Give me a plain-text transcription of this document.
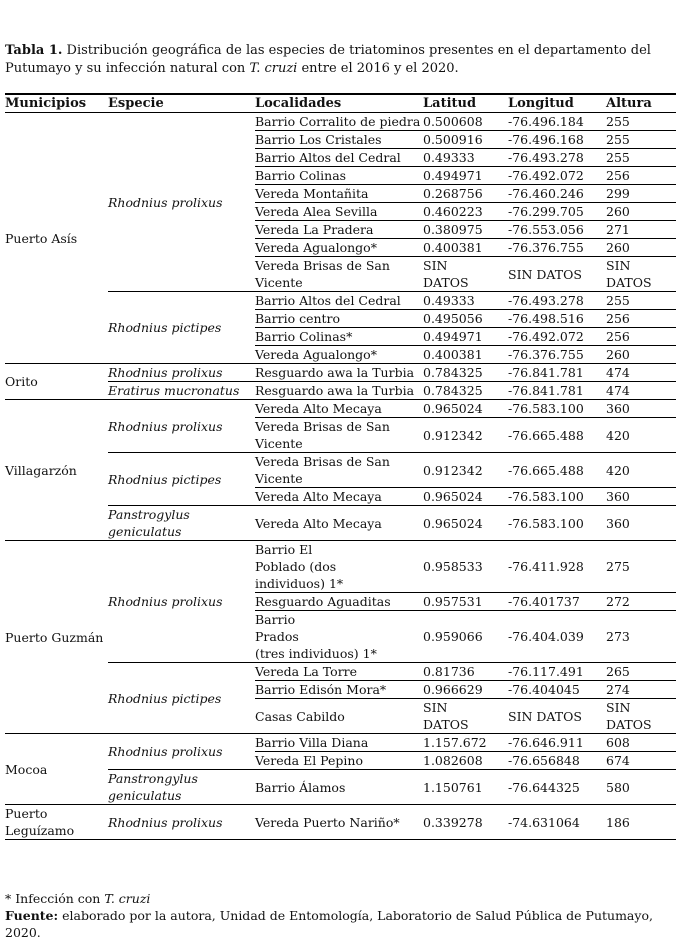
Tabla 1. Distribución geográfica de las especies de triatominos presentes en el departamento del Putumayo y su infección natural con T. cruzi entre el 2016 y el 2020.
Municipios	Especie	Localidades	Latitud	Longitud	Altura
Puerto Asís	Rhodnius prolixus	Barrio Corralito de piedra	0.500608	-76.496.184	255
		Barrio Los Cristales	0.500916	-76.496.168	255
		Barrio Altos del Cedral	0.49333	-76.493.278	255
		Barrio Colinas	0.494971	-76.492.072	256
		Vereda Montañita	0.268756	-76.460.246	299
		Vereda Alea Sevilla	0.460223	-76.299.705	260
		Vereda La Pradera	0.380975	-76.553.056	271
		Vereda Agualongo*	0.400381	-76.376.755	260
		Vereda Brisas de San Vicente	SIN DATOS	SIN DATOS	SIN DATOS
	Rhodnius pictipes	Barrio Altos del Cedral	0.49333	-76.493.278	255
		Barrio centro	0.495056	-76.498.516	256
		Barrio Colinas*	0.494971	-76.492.072	256
		Vereda Agualongo*	0.400381	-76.376.755	260
Orito	Rhodnius prolixus	Resguardo awa la Turbia	0.784325	-76.841.781	474
	Eratirus mucronatus	Resguardo awa la Turbia	0.784325	-76.841.781	474
Villagarzón	Rhodnius prolixus	Vereda Alto Mecaya	0.965024	-76.583.100	360
		Vereda Brisas de San Vicente	0.912342	-76.665.488	420
	Rhodnius pictipes	Vereda Brisas de San Vicente	0.912342	-76.665.488	420
		Vereda Alto Mecaya	0.965024	-76.583.100	360
	Panstrogylus geniculatus	Vereda Alto Mecaya	0.965024	-76.583.100	360
Puerto Guzmán	Rhodnius prolixus	Barrio El
Poblado (dos
individuos) 1*	0.958533	-76.411.928	275
		Resguardo Aguaditas	0.957531	-76.401737	272
		Barrio
Prados
(tres individuos) 1*	0.959066	-76.404.039	273
	Rhodnius pictipes	Vereda La Torre	0.81736	-76.117.491	265
		Barrio Edisón Mora*	0.966629	-76.404045	274
		Casas Cabildo	SIN DATOS	SIN DATOS	SIN DATOS
Mocoa	Rhodnius prolixus	Barrio Villa Diana	1.157.672	-76.646.911	608
		Vereda El Pepino	1.082608	-76.656848	674
	Panstrongylus geniculatus	Barrio Álamos	1.150761	-76.644325	580
Puerto Leguízamo	Rhodnius prolixus	Vereda Puerto Nariño*	0.339278	-74.631064	186
* Infección con T. cruzi
Fuente: elaborado por la autora, Unidad de Entomología, Laboratorio de Salud Pública de Putumayo, 2020.
